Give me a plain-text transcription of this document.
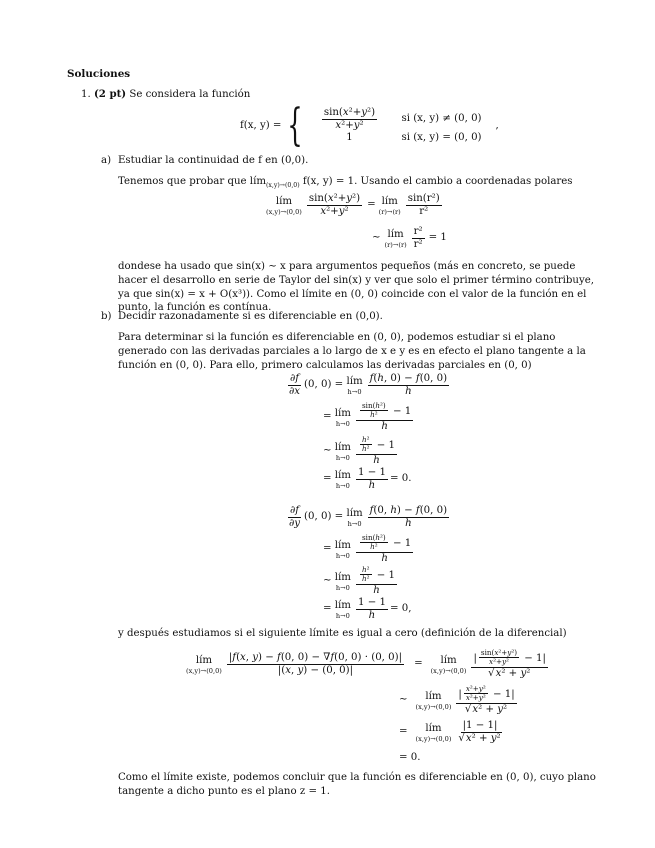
Soluciones
1. (2 pt) Se considera la función
f(x, y) = { $\frac{\text{sin(x²+y²)}}{\text{x²+y²}}$ si (x, y) ≠ (0, 0)
1	si (x, y) = (0, 0)
,
a) Estudiar la continuidad de f en (0,0).
Tenemos que probar que lím$_{(x,y)\to(0,0)}$ f(x, y) = 1. Usando el cambio a coordenadas polares
lím
$(x,y)\to(0,0) \frac{\text{sin(x²+y²)}}{\text{x²+y²}}$ = lím
$(r)\to(r) \frac{\text{sin(r²)}}{\text{r²}}$
∼ lím
$(r)\to(r) \frac{\text{r²}}{\text{r²}} = 1$
dondese ha usado que sin(x) ∼ x para argumentos pequeños (más en concreto, se puede hacer el desarrollo en serie de Taylor del sin(x) y ver que solo el primer término contribuye, ya que sin(x) = x + O(x³)). Como el límite en (0, 0) coincide con el valor de la función en el punto, la función es contínua.
b) Decidir razonadamente si es diferenciable en (0,0).
Para determinar si la función es diferenciable en (0, 0), podemos estudiar si el plano generado con las derivadas parciales a lo largo de x e y es en efecto el plano tangente a la función en (0, 0). Para ello, primero calculamos las derivadas parciales en (0, 0)
$\frac{\partial f}{\partial x} (0$, 0) = lím
$h\to 0 \frac{f(h, 0) - f(0, 0)}{h}$
= lím
$h\to 0 \frac{\frac{\text{sin(h²)}}{\text{h²}} - 1}{h}$
∼ lím
$h\to 0 \frac{\frac{\text{h²}}{\text{h²}} - 1}{h}$
= lím
$h\to 0 \frac{1 - 1}{h} = 0$.
$\frac{\partial f}{\partial y} (0$, 0) = lím
$h\to 0 \frac{f(0, h) - f(0, 0)}{h}$
= lím
$h\to 0 \frac{\frac{\text{sin(h²)}}{\text{h²}} - 1}{h}$
∼ lím
$h\to 0 \frac{\frac{\text{h²}}{\text{h²}} - 1}{h}$
= lím
$h\to 0 \frac{1 - 1}{h} = 0$,
y después estudiamos si el siguiente límite es igual a cero (definición de la diferencial)
lím
$(x,y)\to(0,0) \frac{|f(x, y) - f(0, 0) - \nabla f(0, 0) \cdot (0, 0)|}{|(x, y) - (0, 0)|}$ = lím
$(x,y)\to(0,0) \frac{| \frac{\text{sin(x²+y²)}}{\text{x²+y²}} - 1|}{\text{√x² + y²}}$
∼ lím
$(x,y)\to(0,0) \frac{| \frac{\text{x²+y²}}{\text{x²+y²}} - 1|}{\text{√x² + y²}}$
= lím
$(x,y)\to(0,0) \frac{|1 - 1|}{\text{√x² + y²}}$
= 0.
Como el límite existe, podemos concluir que la función es diferenciable en (0, 0), cuyo plano tangente a dicho punto es el plano z = 1.
